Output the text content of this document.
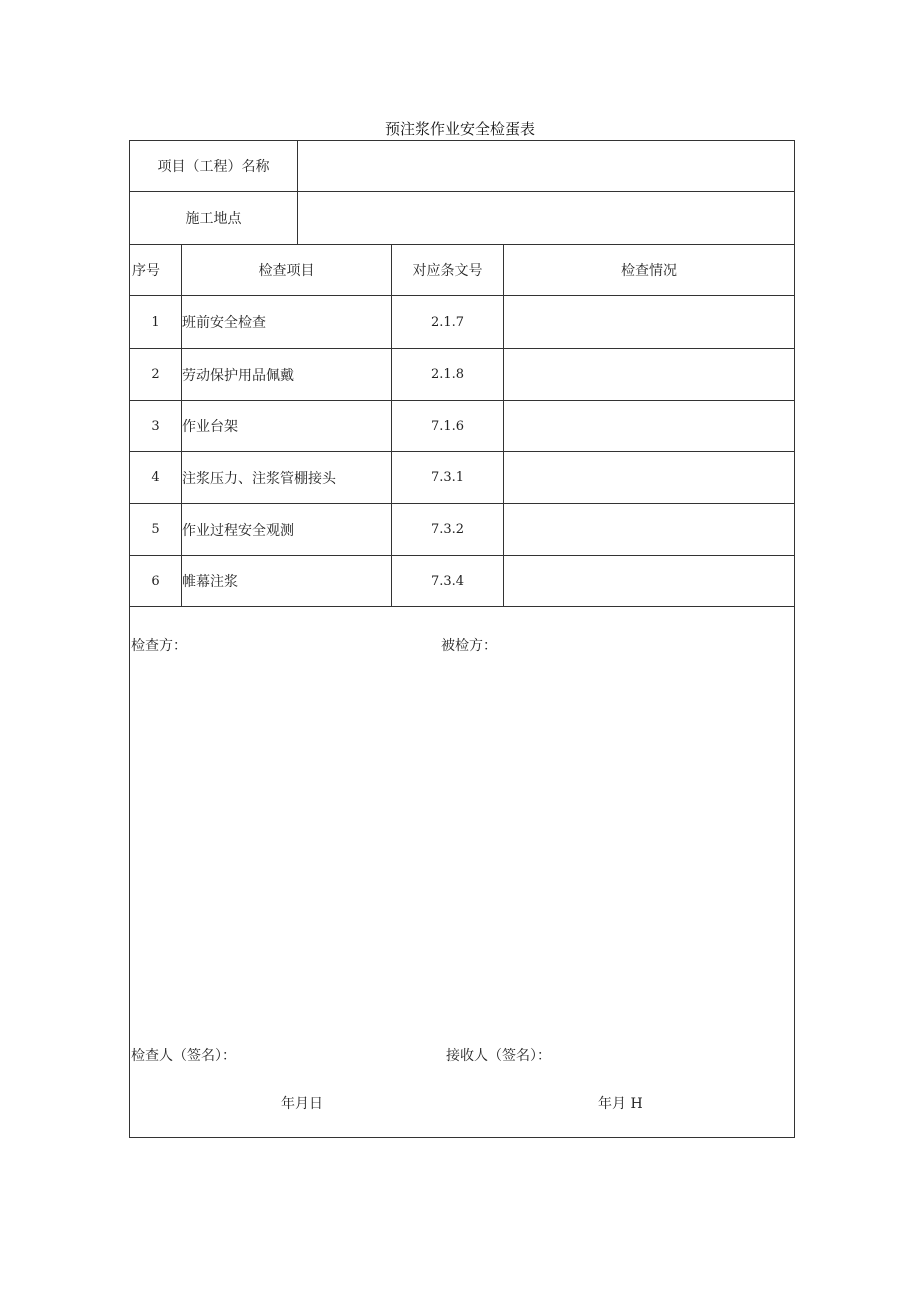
预注浆作业安全检蛋表
项目（工程）名称
施工地点
序号	检查项目	对应条文号	检查情况
1	班前安全检查	2.1.7
2	劳动保护用品佩戴	2.1.8
3	作业台架	7.1.6
4	注浆压力、注浆管棚接头	7.3.1
5	作业过程安全观测	7.3.2
6	帷幕注浆	7.3.4
检查方：	被检方：
检查人（签名）：	接收人（签名）：
年月日	年月 H
